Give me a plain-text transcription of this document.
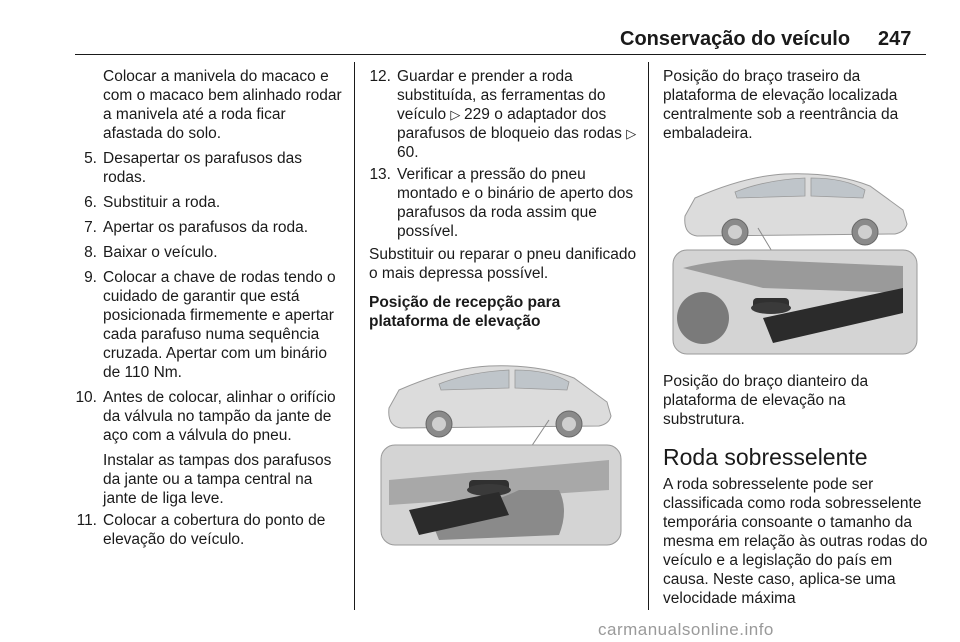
Conservação do veículo 247
Colocar a manivela do macaco e com o macaco bem alinhado rodar a manivela até a roda ficar afastada do solo.
5. Desapertar os parafusos das rodas.
6. Substituir a roda.
7. Apertar os parafusos da roda.
8. Baixar o veículo.
9. Colocar a chave de rodas tendo o cuidado de garantir que está posicionada firmemente e apertar cada parafuso numa sequência cruzada. Apertar com um binário de 110 Nm.
10. Antes de colocar, alinhar o orifício da válvula no tampão da jante de aço com a válvula do pneu.
Instalar as tampas dos parafusos da jante ou a tampa central na jante de liga leve.
11. Colocar a cobertura do ponto de elevação do veículo.
12. Guardar e prender a roda substituída, as ferramentas do veículo ▷ 229 o adaptador dos parafusos de bloqueio das rodas ▷ 60.
13. Verificar a pressão do pneu montado e o binário de aperto dos parafusos da roda assim que possível.
Substituir ou reparar o pneu danificado o mais depressa possível.
Posição de recepção para plataforma de elevação
Posição do braço traseiro da plataforma de elevação localizada centralmente sob a reentrância da embaladeira.
Posição do braço dianteiro da plataforma de elevação na substrutura.
Roda sobresselente
A roda sobresselente pode ser classificada como roda sobresselente temporária consoante o tamanho da mesma em relação às outras rodas do veículo e a legislação do país em causa. Neste caso, aplica-se uma velocidade máxima
carmanualsonline.info
